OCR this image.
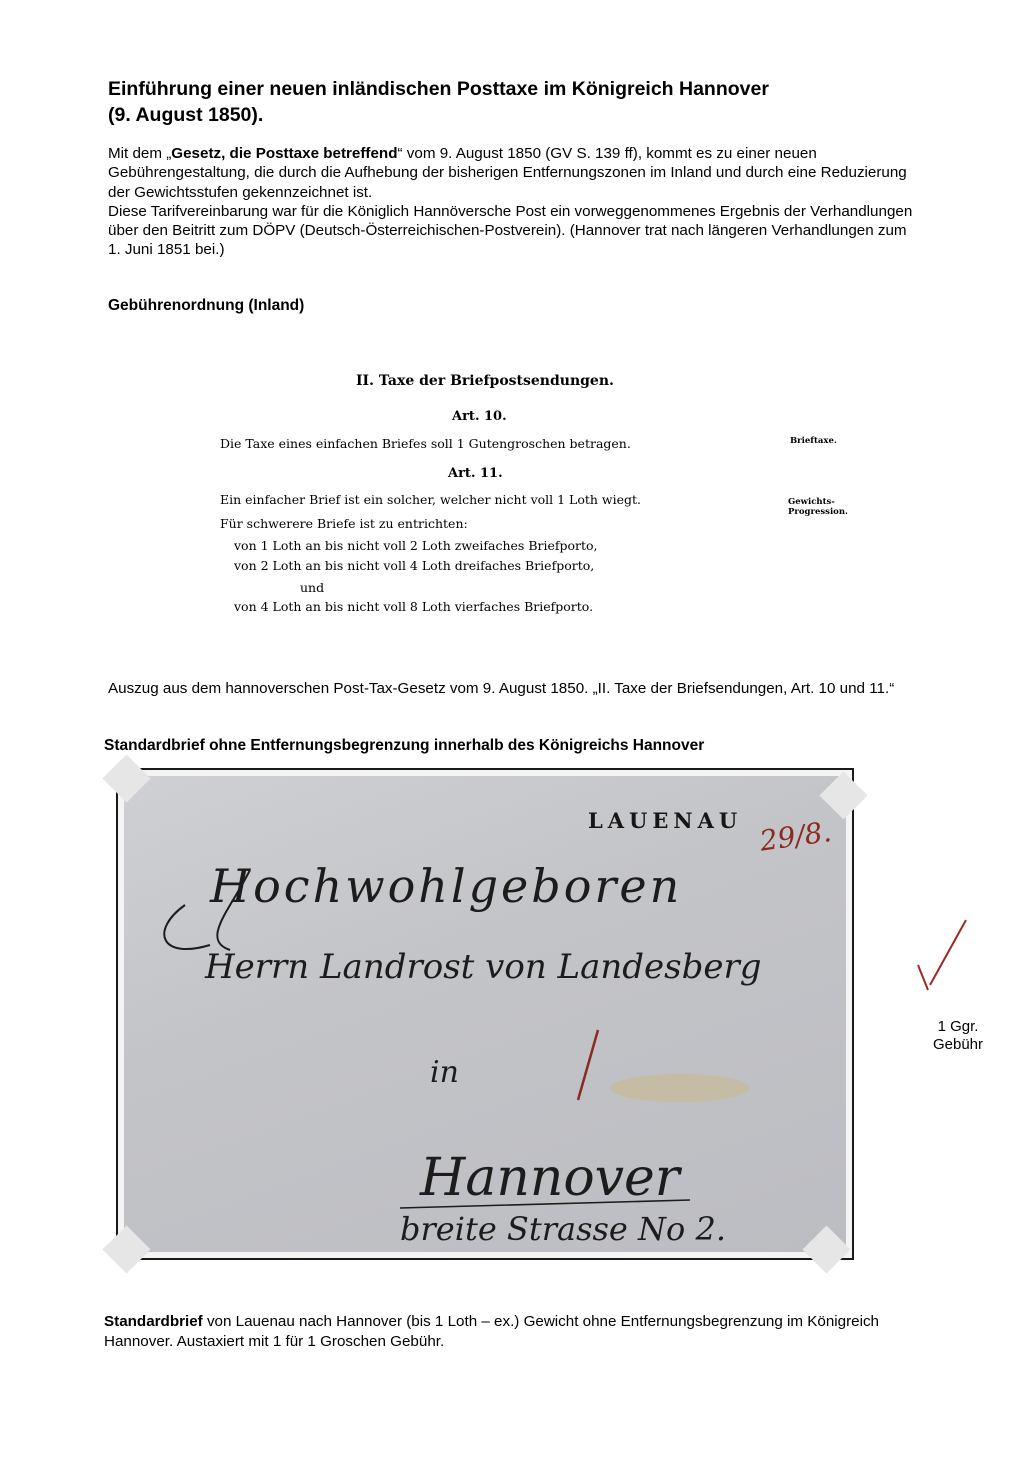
Einführung einer neuen inländischen Posttaxe im Königreich Hannover
(9. August 1850).

Mit dem „Gesetz, die Posttaxe betreffend“ vom 9. August 1850 (GV S. 139 ff), kommt es zu einer neuen Gebührengestaltung, die durch die Aufhebung der bisherigen Entfernungszonen im Inland und durch eine Reduzierung der Gewichtsstufen gekennzeichnet ist.

Diese Tarifvereinbarung war für die Königlich Hannöversche Post ein vorweggenommenes Ergebnis der Verhandlungen über den Beitritt zum DÖPV (Deutsch-Österreichischen-Postverein). (Hannover trat nach längeren Verhandlungen zum 1. Juni 1851 bei.)

Gebührenordnung (Inland)
II. Taxe der Briefpostsendungen.
Art. 10.
Die Taxe eines einfachen Briefes soll 1 Gutengroschen betragen.	Brieftaxe.
Art. 11.
Ein einfacher Brief ist ein solcher, welcher nicht voll 1 Loth wiegt.	Gewichts-
Progression.
Für schwerere Briefe ist zu entrichten:
von 1 Loth an bis nicht voll 2 Loth zweifaches Briefporto,
von 2 Loth an bis nicht voll 4 Loth dreifaches Briefporto,
und
von 4 Loth an bis nicht voll 8 Loth vierfaches Briefporto.
Auszug aus dem hannoverschen Post-Tax-Gesetz vom 9. August 1850. „II. Taxe der Briefsendungen, Art. 10 und 11.“
Standardbrief ohne Entfernungsbegrenzung innerhalb des Königreichs Hannover
LAUENAU 29/8.
Hochwohlgeboren
Herrn Landrost von Landesberg
in
Hannover
breite Strasse No 2.
1 Ggr.
Gebühr
Standardbrief von Lauenau nach Hannover (bis 1 Loth – ex.) Gewicht ohne Entfernungsbegrenzung im Königreich Hannover. Austaxiert mit 1 für 1 Groschen Gebühr.
